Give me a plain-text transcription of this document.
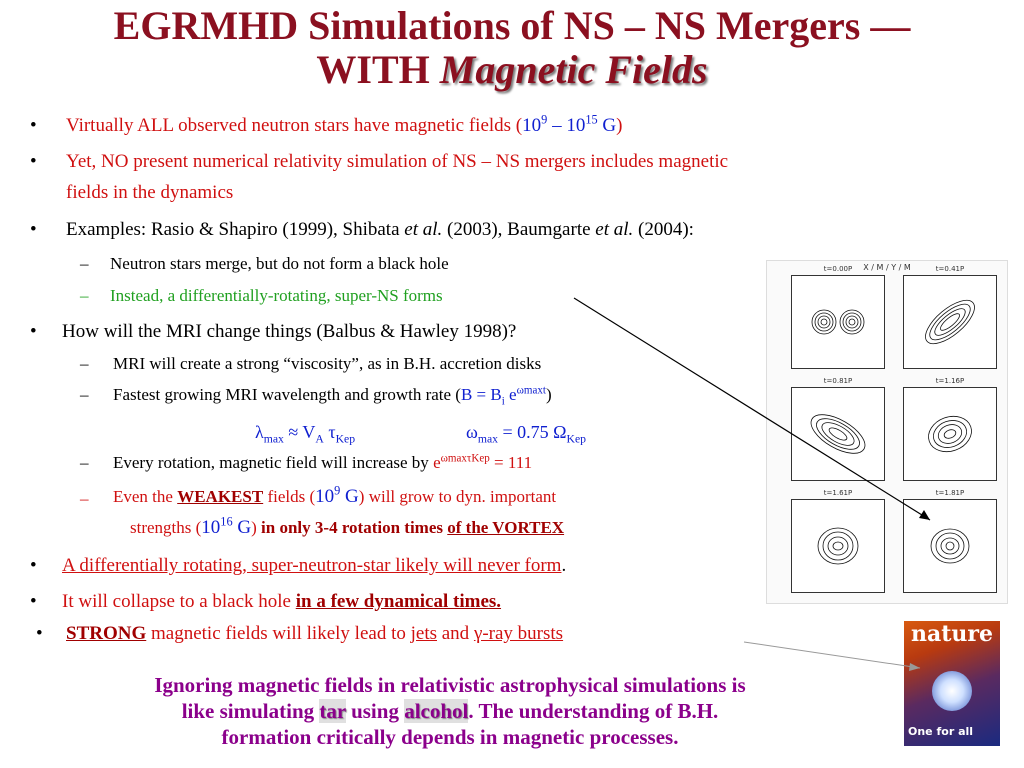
EGRMHD Simulations of NS – NS Mergers —
WITH Magnetic Fields
• Virtually ALL observed neutron stars have magnetic fields ($10^9 - 10^{15}$ G)
• Yet, NO present numerical relativity simulation of NS – NS mergers includes magnetic
fields in the dynamics
• Examples: Rasio & Shapiro (1999), Shibata et al. (2003), Baumgarte et al. (2004):
– Neutron stars merge, but do not form a black hole
– Instead, a differentially-rotating, super-NS forms
• How will the MRI change things (Balbus & Hawley 1998)?
– MRI will create a strong “viscosity”, as in B.H. accretion disks
– Fastest growing MRI wavelength and growth rate ($B = B_i$ $e^{\omega maxt}$)
$\lambda_{max} \approx V_A$ $\tau_{Kep}$	$\omega_{max} = 0.75$ $\Omega_{Kep}$
– Every rotation, magnetic field will increase by $e^{\omega max\tau Kep} = 111$
– Even the WEAKEST fields ($10^9$ G) will grow to dyn. important
strengths ($10^{16}$ G) in only 3-4 rotation times of the VORTEX
• A differentially rotating, super-neutron-star likely will never form.
• It will collapse to a black hole in a few dynamical times.
• STRONG magnetic fields will likely lead to jets and γ-ray bursts
Ignoring magnetic fields in relativistic astrophysical simulations is
like simulating tar using alcohol. The understanding of B.H.
formation critically depends in magnetic processes.
t=0.00P	t=0.41P
t=0.81P	t=1.16P
t=1.61P	t=1.81P
X / M / Y / M
nature
One for all
